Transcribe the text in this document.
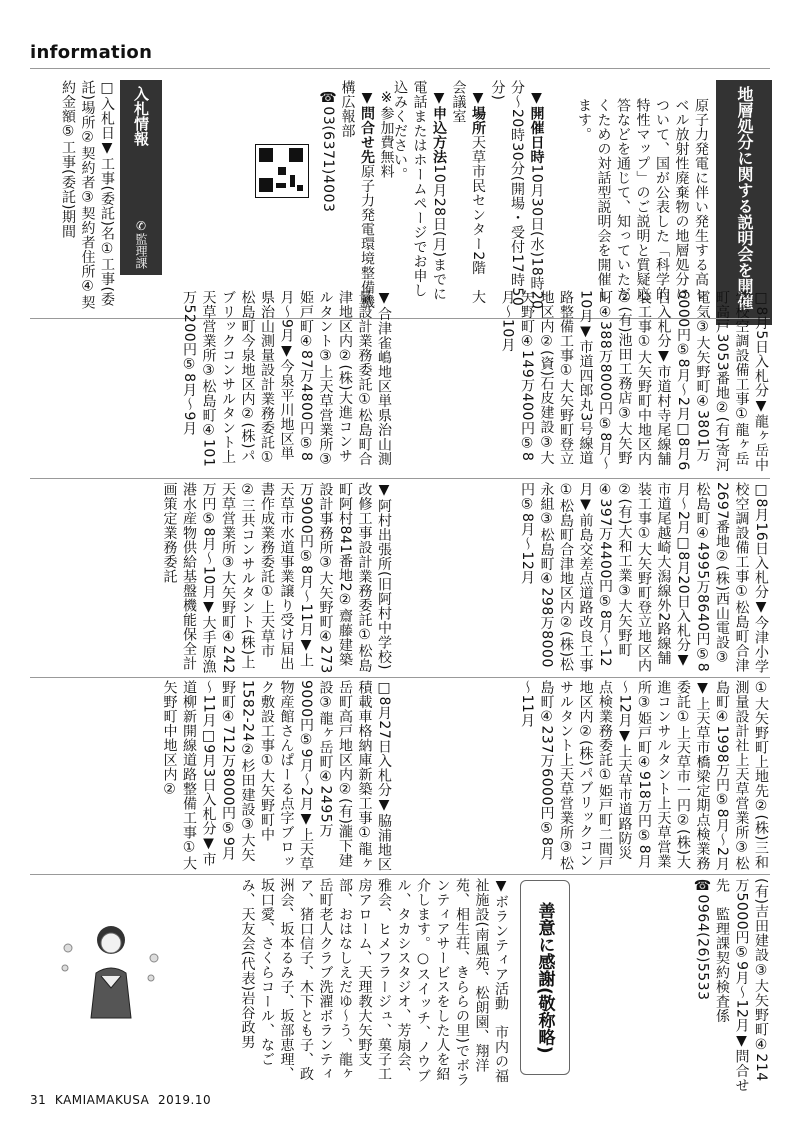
information
地層処分に関する説明会を開催
原子力発電に伴い発生する高レベル放射性廃棄物の地層処分について、国が公表した「科学的特性マップ」のご説明と質疑応答などを通じて、知っていただくための対話型説明会を開催します。

▼開催日時10月30日(水)18時20分～20時30分(開場・受付17時50分)
▼場所天草市民センター2階　大会議室
▼申込方法10月28日(月)までに電話またはホームページでお申し込みください。

※参加費無料
▼問合せ先原子力発電環境整備機構広報部
☎03(6371)4003

入札情報
✆監理課
□入札日▼工事(委託)名①工事(委託)場所②契約者③契約者住所④契約金額⑤工事(委託)期間
□8月5日入札分▼龍ヶ岳中学校空調設備工事①龍ヶ岳町高戸3053番地②(有)寄河電気③大矢野町④3801万6000円⑤8月～2月□8月6日入札分▼市道村寺尾線舗装工事①大矢野町中地区内②(有)池田工務店③大矢野町④388万8000円⑤8月～10月▼市道四郎丸3号線道路整備工事①大矢野町登立地区内②(資)石皮建設③大矢野町④149万400円⑤8月～10月
▼合津雀嶋地区単県治山測量設計業務委託①松島町合津地区内②(株)大進コンサルタント③上天草営業所③姫戸町④87万4800円⑤8月～9月▼今泉平川地区単県治山測量設計業務委託①松島町今泉地区内②(株)パブリックコンサルタント上天草営業所③松島町④101万5200円⑤8月～9月
□8月16日入札分▼今津小学校空調設備工事①松島町合津2697番地②(株)西山電設③松島町④4995万8640円⑤8月～2月□8月20日入札分▼市道尾越崎大潟線外2路線舗装工事①大矢野町登立地区内②(有)大和工業③大矢野町④397万4400円⑤8月～12月▼前島交差点道路改良工事①松島町合津地区内②(株)松永組③松島町④298万8000円⑤8月～12月
▼阿村出張所(旧阿村中学校)改修工事設計業務委託①松島町阿村841番地2②齋藤建築設計事務所③大矢野町④273万9000円⑤8月～11月▼上天草市水道事業譲り受け届出書作成業務委託①上天草市②三共コンサルタント(株)上天草営業所③大矢野町④242万円⑤8月～10月▼大手原漁港水産物供給基盤機能保全計画策定業務委託
①大矢野町上地先②(株)三和測量設計社上天草営業所③松島町④1998万円⑤8月～2月▼上天草市橋梁定期点検業務委託①上天草市一円②(株)大進コンサルタント上天草営業所③姫戸町④918万円⑤8月～12月▼上天草市道路防災点検業務委託①姫戸町二間戸地区内②(株)パブリックコンサルタント上天草営業所③松島町④237万6000円⑤8月～11月
□8月27日入札分▼脇浦地区積載車格納庫新築工事①龍ヶ岳町高戸地区内②(有)瀧下建設③龍ヶ岳町④2495万9000円⑤9月～2月▼上天草物産館さんぱーる点字ブロック敷設工事①大矢野町中1582-24②杉田建設③大矢野町④712万8000円⑤9月～11月□9月3日入札分▼市道柳新開線道路整備工事①大矢野町中地区内②
(有)吉田建設③大矢野町④214万5000円⑤9月～12月▼問合せ先　監理課契約検査係☎0964(26)5533
善意に感謝(敬称略)
▼ボランティア活動　市内の福祉施設(南風苑、松朗園、翔洋苑、相生荘、きららの里)でボランティアサービスをした人を紹介します。○スイッチ、ノウブル、タカシスタジオ、芳扇会、雅会、ヒメフラージュ、菓子工房アローム、天理教大矢野支部、おはなしえだゆ～う、龍ヶ岳町老人クラブ洗濯ボランティア、猪口信子、木下とも子、政洲会、坂本るみ子、坂部恵理、坂口愛、さくらコール、なごみ、天友会(代表)岩谷政男
31 KAMIAMAKUSA 2019.10
